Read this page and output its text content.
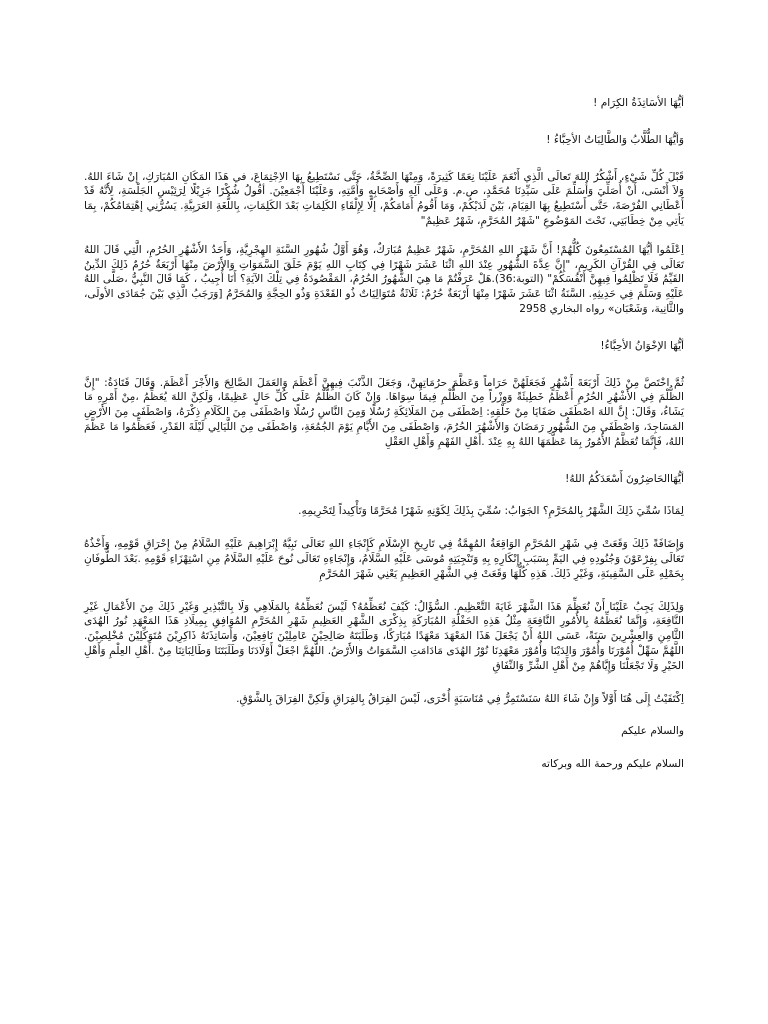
أيُّهَا الأسَاتِذَةُ الكِرَام !

وَأيُّهَا الطُّلَّابُ وَالطَّالِبَاتُ الأحِبَّاءُ !

قَبْلَ كُلِّ شَيْءٍ، أَشْكُرُ اللهَ تَعالَى الَّذِي أَنْعَمَ عَلَيْنَا نِعَمًا كَثِيرَةً، وَمِنْهَا الصِّحَّةُ، حَتَّى نَسْتَطِيعُ بِهَا الاِجْتِمَاعَ، في هَذَا المَكَانِ المُبَارَكِ، إنْ شَاءَ اللهُ. وَلاَ أَنْسَى، أَنْ أُصَلِّيَ وَأُسَلِّمَ عَلَى سَيِّدِنَا مُحَمَّدٍ، ص.م. وَعَلَى آلِهِ وَأَصْحَابِهِ وَأُمَّتِهِ، وَعَلَيْنَا أَجْمَعِيْنَ. أقُولُ شُكْرًا جَزِيْلًا لِرَئِيْسِ الجَلْسَةِ، لِأَنَّهُ قَدْ أَعْطَانِي الفُرْصَةَ، حَتَّى أَسْتَطِيعُ بِهَا القِيَامَ، بَيْنَ لَدَيْكُمْ، وَمَا أَقُومُ أَمَامَكُمْ، إلَّا لِإِلْقَاءِ الكَلِمَاتِ بَعْدَ الكَلِمَاتِ، بِاللُّغَةِ العَرَبِيَّةِ. يَسُرُّنِي إهْتِمَامُكُمْ، بِمَا يَأتِي مِنْ خِطَابَتِي، تَحْتَ المَوْضُوعِ "شَهْرُ المُحَرَّمِ، شَهْرٌ عَظِيمٌ"

اِعْلَمُوا أيُّهَا المُسْتَمِعُونَ كُلُّهُمْ! أَنَّ شَهْرَ اللهِ المُحَرَّمِ، شَهْرٌ عَظِيمٌ مُبَارَكٌ، وَهُوَ أَوَّلُ شُهُورِ السَّنَةِ الهِجْرِيَّةِ، وَأَحَدُ الأَشْهُرِ الحُرُمِ، الَّتِي قَالَ اللهُ تَعَالَى فِي القُرْآنِ الكَرِيمِ، "إِنَّ عِدَّةَ الشُّهُورِ عِنْدَ اللهِ اثْنَا عَشَرَ شَهْرًا فِي كِتَابِ اللهِ يَوْمَ خَلَقَ السَّمَوَاتِ وَالأَرْضَ مِنْهَا أَرْبَعَةٌ حُرُمٌ ذَلِكَ الدِّينُ القَيِّمُ فَلَا تَظْلِمُوا فِيهِنَّ أَنْفُسَكُمْ" (التوبة:36).هَلْ عَرَفْتُمْ مَا هِيَ الشُّهُورُ الحُرُمُ، المَقْصُودَةُ فِي تِلْكَ الآيَةِ؟ أَنَا أُجِيبُ ، كَمَا قَالَ النَّبِيُّ ،صَلَّى اللهُ عَلَيْهِ وَسَلَّمَ فِي حَدِيثِهِ. السَّنَةُ اثْنَا عَشَرَ شَهْرًا مِنْهَا أَرْبَعَةٌ حُرُمٌ: ثَلَاثَةٌ مُتَوَالِيَاتٌ ذُو القَعْدَةِ وَذُو الحِجَّةِ وَالمُحَرَّمُ [وَرَجَبُ الَّذِي بَيْنَ جُمَادَى الأولَى، والثَّانِية، وَشَعْبَان» رواه البخاري 2958

أيُّهَا الإخْوَانُ الأحِبَّاءُ!

ثُمَّ اخْتَصَّ مِنْ ذَلِكَ أَرْبَعَةَ أَشْهُرٍ فَجَعَلَهُنَّ حَرَاماً وَعَظَّمَ حرُمَاتِهِنَّ، وَجَعَلَ الذَّنْبَ فِيهِنَّ أَعْظَمَ وَالعَمَلَ الصَّالِحَ وَالأَجْرَ أَعْظَمَ. وَقَالَ قَتَادَةُ: "إِنَّ الظُّلْمَ فِي الأَشْهُرِ الحُرُمِ أَعْظَمُ خَطِيئَةً وَوِزْراً مِنَ الظُّلْمِ فِيمَا سِوَاهَا. وَإِنْ كَانَ الظُّلْمُ عَلَى كُلِّ حَالٍ عَظِيمًا، وَلَكِنَّ اللهَ يُعَظِّمُ ،مِنْ أَمْرِهِ مَا يَشَاءُ، وَقَالَ: إِنَّ اللهَ اصْطَفَى صَفَايَا مِنْ خَلْقِهِ: اِصْطَفَى مِنَ المَلَائِكَةِ رُسُلًا وَمِنَ النَّاسِ رُسُلًا وَاصْطَفَى مِنَ الكَلَامِ ذِكْرَهُ، وَاصْطَفَى مِنَ الأَرْضِ المَسَاجِدَ، وَاصْطَفَى مِنَ الشُّهُورِ رَمَضَانَ وَالأَشْهُرَ الحُرُمَ، وَاصْطَفَى مِنَ الأَيَّامِ يَوْمَ الجُمُعَةِ، وَاصْطَفَى مِنَ اللَّيَالِي لَيْلَةَ القَدْرِ، فَعَظِّمُوا مَا عَظَّمَ اللهُ، فَإِنَّمَا تُعَظَّمُ الأُمُورُ بِمَا عَظَّمَهَا اللهُ بِهِ عِنْدَ .أَهْلِ الفَهْمِ وَأَهْلِ العَقْلِ

أيُّهَاالحَاضِرُونَ أَسْعَدَكُمُ اللهُ!

لِمَاذَا سُمِّيَ ذَلِكَ الشَّهْرُ بِالمُحَرَّمِ؟ الجَوَابُ: سُمِّيَ بِذَلِكَ لِكَوْنِهِ شَهْرًا مُحَرَّمًا وَتَأْكِيداً لِتَحْرِيمِهِ.

وَإِضَافَةً ذَلِكَ وَقَعَتْ فِي شَهْرِ المُحَرَّمِ الوَاقِعَةُ المُهِمَّةُ فِي تَارِيخِ الإِسْلَامِ كَإِنْجَاءِ اللهِ تَعَالَى نَبِيَّهُ إِبْرَاهِيمَ عَلَيْهِ السَّلَامُ مِنْ إِحْرَاقِ قَوْمِهِ، وَأَخْذُهُ تَعَالَى بِفِرْعَوْنَ وَجُنُودِهِ فِي اليَمِّ بِسَبَبِ إِنْكَارِهِ بِهِ وَتَنْجِيَتِهِ مُوسَى عَلَيْهِ السَّلَامُ، وَإِنْجَاءِهِ تَعَالَى نُوحَ عَلَيْهِ السَّلَامُ مِنِ اسْتِهْزَاءِ قَوْمِهِ .بَعْدَ الطُّوفَانِ بِحَمْلِهِ عَلَى السَّفِينَةِ، وَغَيْرِ ذَلِكَ. هَذِهِ كُلُّهَا وَقَعَتْ فِي الشَّهْرِ العَظِيمِ يَعْنِي شَهْرَ المُحَرَّمِ

وَلِذَلِكَ يَجِبُ عَلَيْنَا أَنْ نُعَظِّمَ هَذَا الشَّهْرَ غَايَةَ التَّعْظِيمِ. السُّؤَالُ: كَيْفَ نُعَظِّمُهُ؟ لَيْسَ نُعَظِّمُهُ بِالمَلَاهِي وَلَا بِالتَّبْذِيرِ وَغَيْرِ ذَلِكَ مِنَ الأَعْمَالِ غَيْرِ النَّافِعَةِ، وَإِنَّمَا نُعَظِّمُهُ بِالأُمُورِ النَّافِعَةِ مِثْلُ هَذِهِ الحَفْلَةِ المُبَارَكَةِ بِذِكْرَى الشَّهْرِ العَظِيمِ شَهْرِ المُحَرَّمِ المُوَافِقِ بِمِيلَادِ هَذَا المَعْهَدِ نُورُ الهُدَى الثَّامِنِ وَالعِشْرِينَ سَنَةً، عَسَى اللهُ أَنْ يَجْعَلَ هَذَا المَعْهَدَ مَعْهَدًا مُبَارَكًا، وَطَلَبَتَهُ صَالِحِيْنَ عَامِلِيْنَ نَافِعِيْنَ، وَأَسَاتِذَتَهُ ذَاكِرِيْنَ مُتَوَكِّلِيْنَ مُخْلِصِيْنَ. اللَّهُمَّ سَهِّلْ أُمُوْرَنَا وَأُمُوْرَ وَالِدَيْنَا وَأُمُوْرَ مَعْهَدِنَا نُوْرُ الهُدَى مَادَامَتِ السَّمَوَاتُ وَالأَرْضُ. اللَّهُمَّ اجْعَلْ أَوْلَادَنَا وَطَلَبَتَنَا وَطَالِبَاتِنَا مِنْ .أَهْلِ العِلْمِ وَأَهْلِ الخَيْرِ وَلَا تَجْعَلْنَا وَإِيَّاهُمْ مِنْ أَهْلِ الشَّرِّ وَالنِّفَاقِ

اِكْتَفَيْتُ إِلَى هُنَا أَوَّلاً وَإِنْ شَاءَ اللهُ سَنَسْتَمِرُّ فِي مُنَاسَبَةٍ أُخْرَى، لَيْسَ الفِرَاقُ بِالفِرَاقِ وَلَكِنَّ الفِرَاقَ بِالشَّوْقِ.

والسلام عليكم

السلام عليكم ورحمة الله وبركاته
